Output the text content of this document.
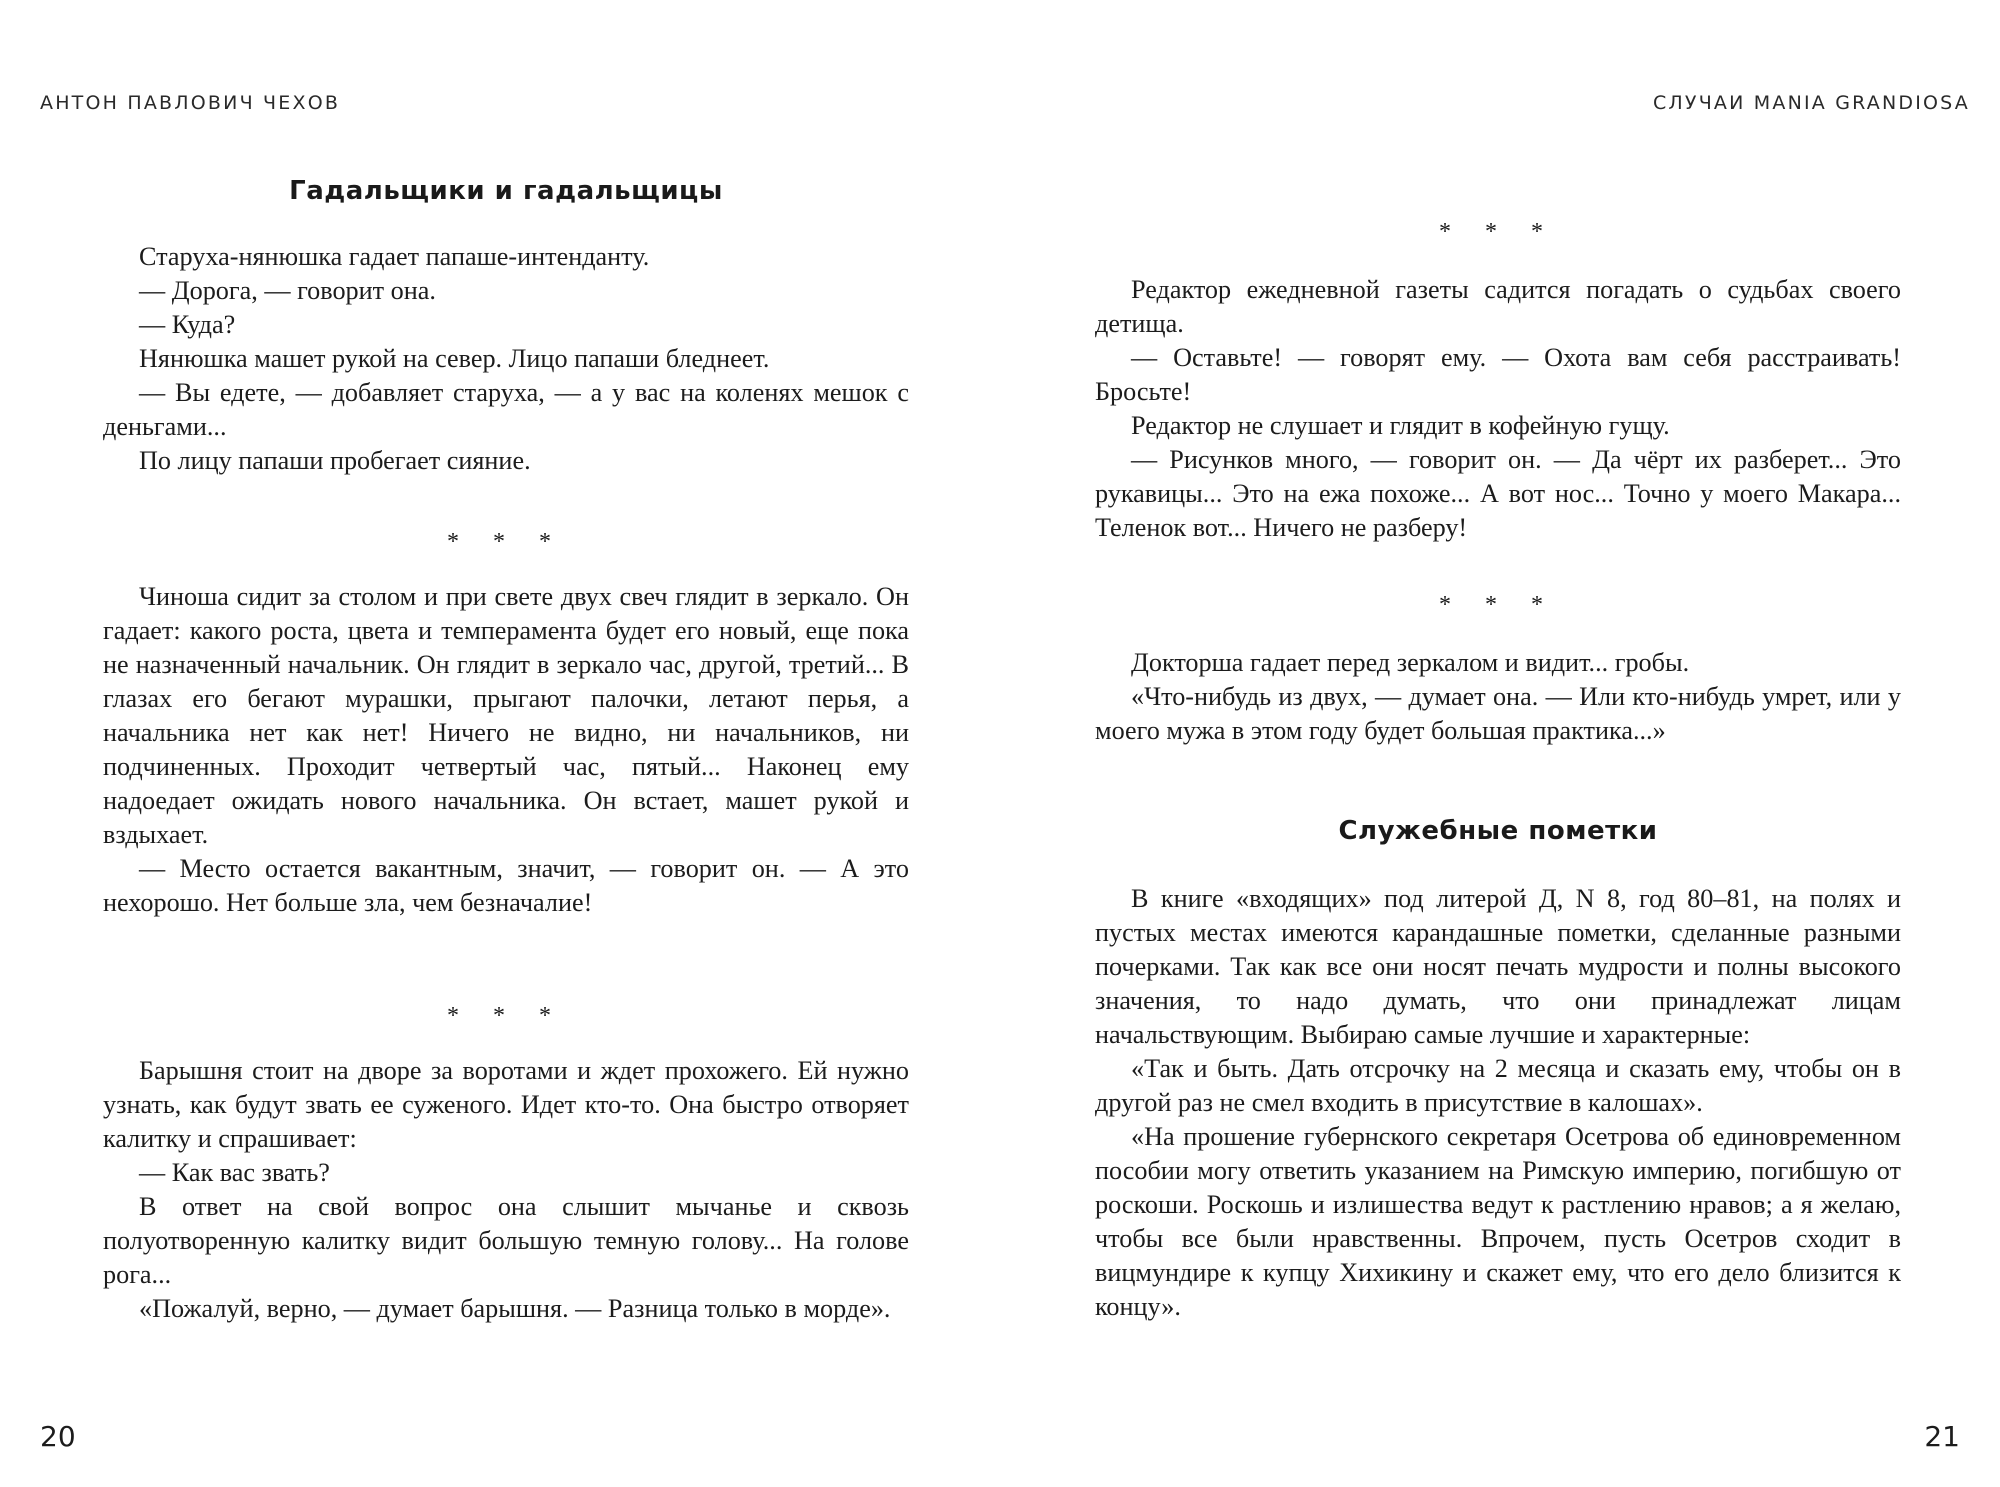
АНТОН ПАВЛОВИЧ ЧЕХОВ
Гадальщики и гадальщицы

Старуха-нянюшка гадает папаше-интенданту.

— Дорога, — говорит она.

— Куда?

Нянюшка машет рукой на север. Лицо папаши бледнеет.

— Вы едете, — добавляет старуха, — а у вас на коленях мешок с деньгами...

По лицу папаши пробегает сияние.

* * *

Чиноша сидит за столом и при свете двух свеч глядит в зеркало. Он гадает: какого роста, цвета и темперамента будет его новый, еще пока не назначенный начальник. Он глядит в зеркало час, другой, третий... В глазах его бегают мурашки, прыгают палочки, летают перья, а начальника нет как нет! Ничего не видно, ни начальников, ни подчиненных. Проходит четвертый час, пятый... Наконец ему надоедает ожидать нового начальника. Он встает, машет рукой и вздыхает.

— Место остается вакантным, значит, — говорит он. — А это нехорошо. Нет больше зла, чем безначалие!

* * *

Барышня стоит на дворе за воротами и ждет прохожего. Ей нужно узнать, как будут звать ее суженого. Идет кто-то. Она быстро отворяет калитку и спрашивает:

— Как вас звать?

В ответ на свой вопрос она слышит мычанье и сквозь полуотворенную калитку видит большую темную голову... На голове рога...

«Пожалуй, верно, — думает барышня. — Разница только в морде».

20
СЛУЧАИ MANIA GRANDIOSA
* * *

Редактор ежедневной газеты садится погадать о судьбах своего детища.

— Оставьте! — говорят ему. — Охота вам себя расстраивать! Бросьте!

Редактор не слушает и глядит в кофейную гущу.

— Рисунков много, — говорит он. — Да чёрт их разберет... Это рукавицы... Это на ежа похоже... А вот нос... Точно у моего Макара... Теленок вот... Ничего не разберу!

* * *

Докторша гадает перед зеркалом и видит... гробы.

«Что-нибудь из двух, — думает она. — Или кто-нибудь умрет, или у моего мужа в этом году будет большая практика...»

Служебные пометки

В книге «входящих» под литерой Д, N 8, год 80–81, на полях и пустых местах имеются карандашные пометки, сделанные разными почерками. Так как все они носят печать мудрости и полны высокого значения, то надо думать, что они принадлежат лицам начальствующим. Выбираю самые лучшие и характерные:

«Так и быть. Дать отсрочку на 2 месяца и сказать ему, чтобы он в другой раз не смел входить в присутствие в калошах».

«На прошение губернского секретаря Осетрова об единовременном пособии могу ответить указанием на Римскую империю, погибшую от роскоши. Роскошь и излишества ведут к растлению нравов; а я желаю, чтобы все были нравственны. Впрочем, пусть Осетров сходит в вицмундире к купцу Хихикину и скажет ему, что его дело близится к концу».

21
